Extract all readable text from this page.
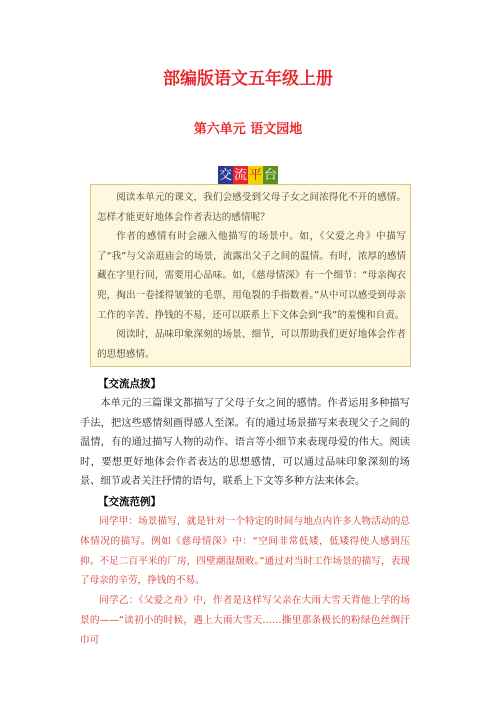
部编版语文五年级上册
第六单元 语文园地
交 流 平 台

阅读本单元的课文，我们会感受到父母子女之间浓得化不开的感情。怎样才能更好地体会作者表达的感情呢？

作者的感情有时会融入他描写的场景中。如，《父爱之舟》中描写了“我”与父亲逛庙会的场景，流露出父子之间的温情。有时，浓厚的感情藏在字里行间，需要用心品味。如，《慈母情深》有一个细节：“母亲掏衣兜，掏出一卷揉得皱皱的毛票，用龟裂的手指数着。”从中可以感受到母亲工作的辛苦、挣钱的不易，还可以联系上下文体会到“我”的羞愧和自责。

阅读时，品味印象深刻的场景、细节，可以帮助我们更好地体会作者的思想感情。

【交流点拨】

本单元的三篇课文都描写了父母子女之间的感情。作者运用多种描写手法，把这些感情刻画得感人至深。有的通过场景描写来表现父子之间的温情，有的通过描写人物的动作、语言等小细节来表现母爱的伟大。阅读时，要想更好地体会作者表达的思想感情，可以通过品味印象深刻的场景、细节或者关注抒情的语句，联系上下文等多种方法来体会。

【交流范例】

同学甲：场景描写，就是针对一个特定的时间与地点内许多人物活动的总体情况的描写。例如《慈母情深》中：“空间非常低矮，低矮得使人感到压抑。不足二百平米的厂房，四壁潮湿颓败。”通过对当时工作场景的描写，表现了母亲的辛劳，挣钱的不易。

同学乙：《父爱之舟》中，作者是这样写父亲在大雨大雪天背他上学的场景的——“读初小的时候，遇上大雨大雪天……撕里那条极长的粉绿色丝绸汗巾可
